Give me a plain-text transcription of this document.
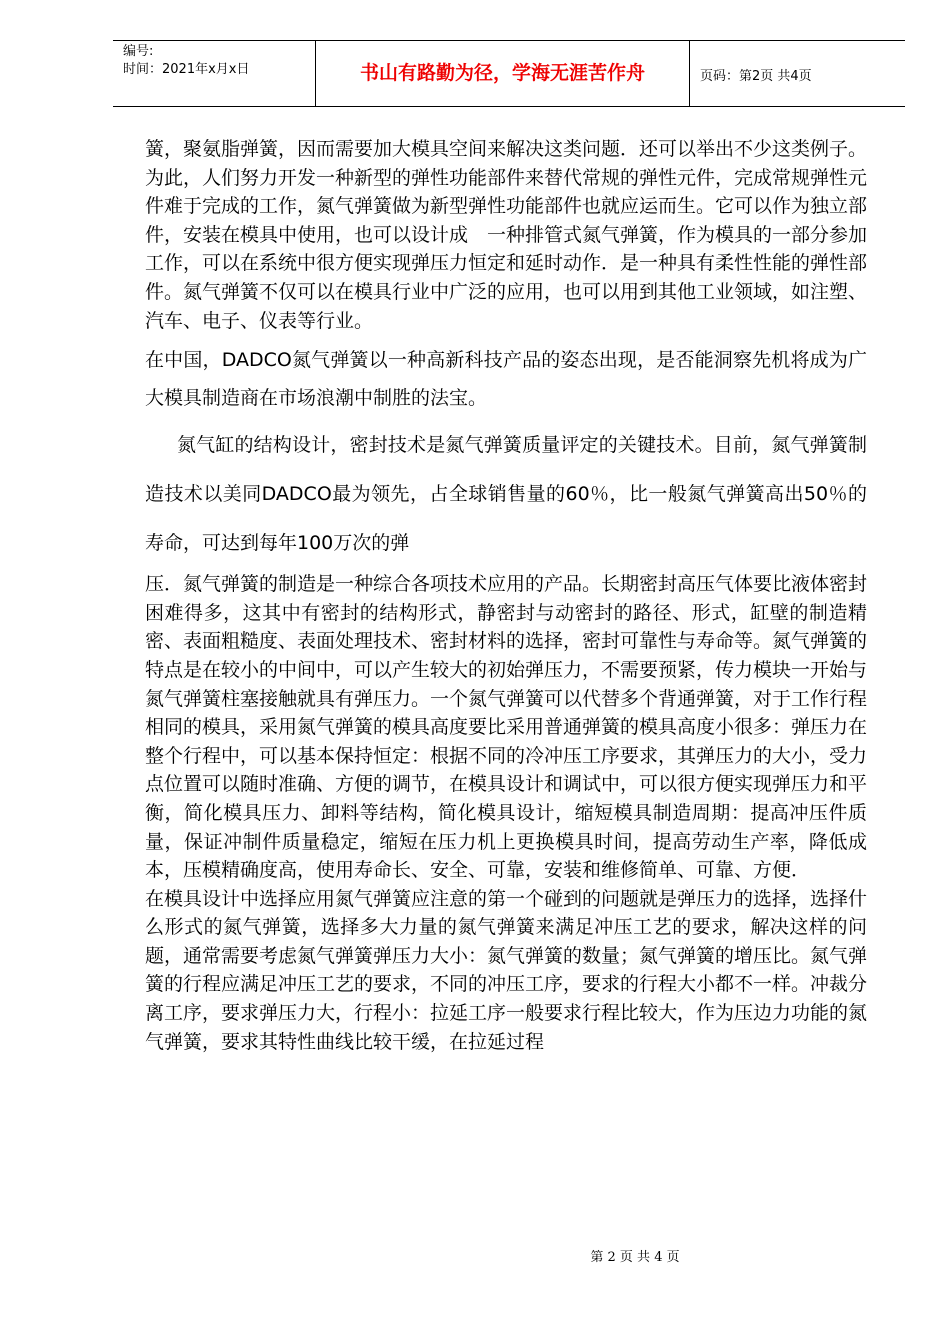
编号:
时间：2021年x月x日	书山有路勤为径，学海无涯苦作舟	页码：第2页 共4页

簧，聚氨脂弹簧，因而需要加大模具空间来解决这类问题．还可以举出不少这类例子。为此，人们努力开发一种新型的弹性功能部件来替代常规的弹性元件，完成常规弹性元件难于完成的工作，氮气弹簧做为新型弹性功能部件也就应运而生。它可以作为独立部件，安装在模具中使用，也可以设计成　一种排管式氮气弹簧，作为模具的一部分参加工作，可以在系统中很方便实现弹压力恒定和延时动作．是一种具有柔性性能的弹性部件。氮气弹簧不仅可以在模具行业中广泛的应用，也可以用到其他工业领域，如注塑、汽车、电子、仪表等行业。

在中国，DADCO氮气弹簧以一种高新科技产品的姿态出现，是否能洞察先机将成为广大模具制造商在市场浪潮中制胜的法宝。

氮气缸的结构设计，密封技术是氮气弹簧质量评定的关键技术。目前，氮气弹簧制造技术以美同DADCO最为领先，占全球销售量的60％，比一般氮气弹簧高出50％的寿命，可达到每年100万次的弹

压．氮气弹簧的制造是一种综合各项技术应用的产品。长期密封高压气体要比液体密封困难得多，这其中有密封的结构形式，静密封与动密封的路径、形式，缸壁的制造精密、表面粗糙度、表面处理技术、密封材料的选择，密封可靠性与寿命等。氮气弹簧的特点是在较小的中间中，可以产生较大的初始弹压力，不需要预紧，传力模块一开始与氮气弹簧柱塞接触就具有弹压力。一个氮气弹簧可以代替多个背通弹簧，对于工作行程相同的模具，采用氮气弹簧的模具高度要比采用普通弹簧的模具高度小很多：弹压力在整个行程中，可以基本保持恒定：根据不同的冷冲压工序要求，其弹压力的大小，受力点位置可以随时准确、方便的调节，在模具设计和调试中，可以很方便实现弹压力和平衡，简化模具压力、卸料等结构，简化模具设计，缩短模具制造周期：提高冲压件质量，保证冲制件质量稳定，缩短在压力机上更换模具时间，提高劳动生产率，降低成本，压模精确度高，使用寿命长、安全、可靠，安装和维修简单、可靠、方便．

在模具设计中选择应用氮气弹簧应注意的第一个碰到的问题就是弹压力的选择，选择什么形式的氮气弹簧，选择多大力量的氮气弹簧来满足冲压工艺的要求，解决这样的问题，通常需要考虑氮气弹簧弹压力大小：氮气弹簧的数量；氮气弹簧的增压比。氮气弹簧的行程应满足冲压工艺的要求，不同的冲压工序，要求的行程大小都不一样。冲裁分离工序，要求弹压力大，行程小：拉延工序一般要求行程比较大，作为压边力功能的氮气弹簧，要求其特性曲线比较干缓，在拉延过程

第 2 页 共 4 页
